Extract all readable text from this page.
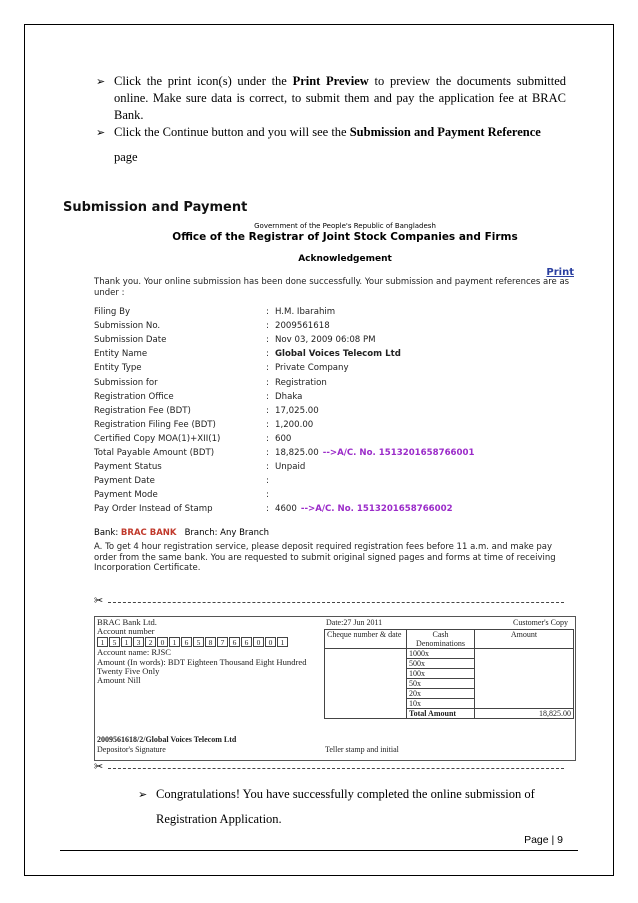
➢ Click the print icon(s) under the Print Preview to preview the documents submitted online. Make sure data is correct, to submit them and pay the application fee at BRAC Bank.
➢ Click the Continue button and you will see the Submission and Payment Reference
page
Submission and Payment
Government of the People's Republic of Bangladesh
Office of the Registrar of Joint Stock Companies and Firms
Acknowledgement
Print
Thank you. Your online submission has been done successfully. Your submission and payment references are as under :
Filing By	: H.M. Ibarahim
Submission No.	: 2009561618
Submission Date	: Nov 03, 2009 06:08 PM
Entity Name	: Global Voices Telecom Ltd
Entity Type	: Private Company
Submission for	: Registration
Registration Office	: Dhaka
Registration Fee (BDT)	: 17,025.00
Registration Filing Fee (BDT)	: 1,200.00
Certified Copy MOA(1)+XII(1)	: 600
Total Payable Amount (BDT)	: 18,825.00 -->A/C. No. 1513201658766001
Payment Status	: Unpaid
Payment Date	:
Payment Mode	:
Pay Order Instead of Stamp	: 4600 -->A/C. No. 1513201658766002
Bank: BRAC BANK Branch: Any Branch
A. To get 4 hour registration service, please deposit required registration fees before 11 a.m. and make pay order from the same bank. You are requested to submit original signed pages and forms at time of receiving Incorporation Certificate.
✂
BRAC Bank Ltd.
Account number
1	5	1	3	2	0	1	6	5	8	7	6	6	0	0	1
Account name: RJSC
Amount (In words): BDT Eighteen Thousand Eight Hundred Twenty Five Only
Amount Nill
2009561618/2/Global Voices Telecom Ltd
Depositor's Signature	Teller stamp and initial
Date:27 Jun 2011	Customer's Copy
Cheque number & date	Cash Denominations	Amount
	1000x	
	500x	
	100x	
	50x	
	20x	
	10x	
	Total Amount	18,825.00
✂
➢ Congratulations! You have successfully completed the online submission of
Registration Application.
Page | 9
